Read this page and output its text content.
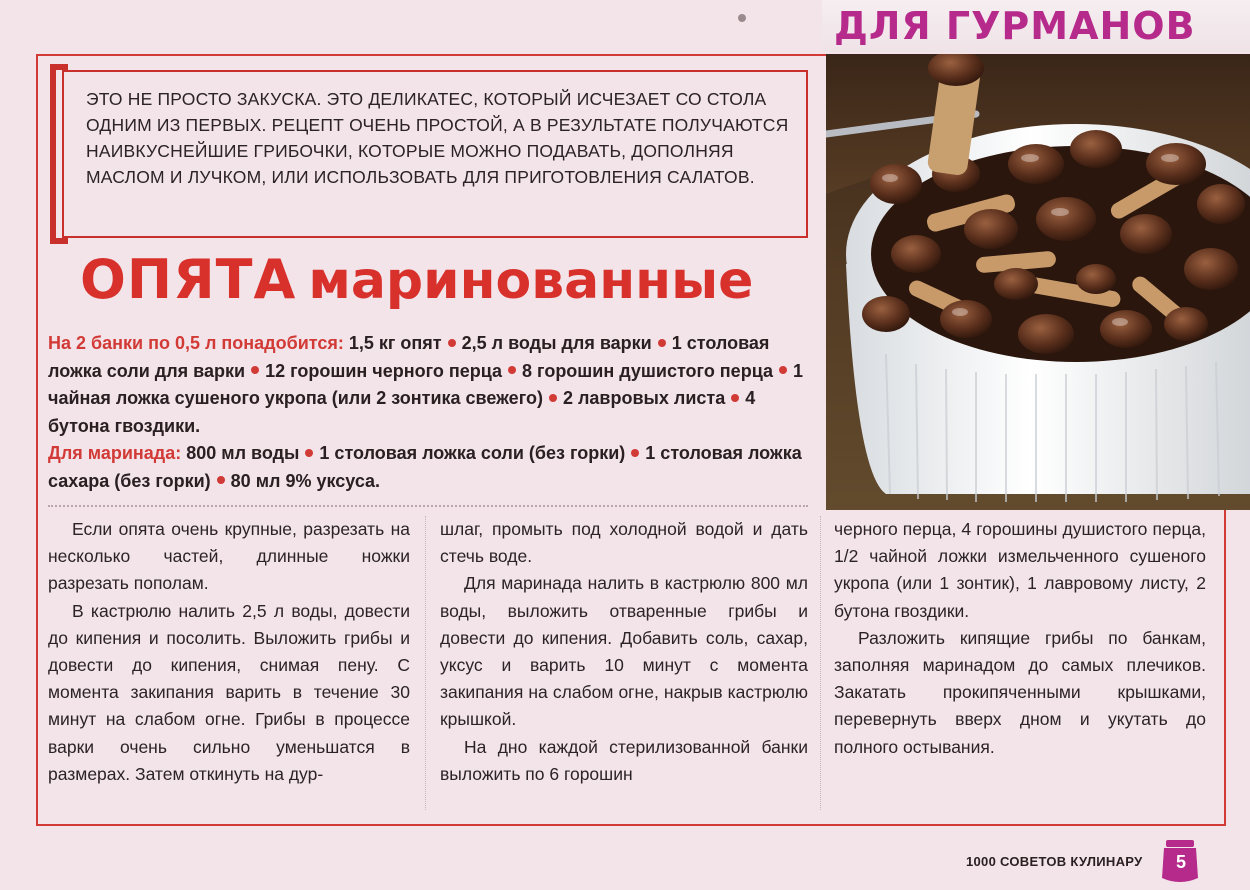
ДЛЯ ГУРМАНОВ
ЭТО НЕ ПРОСТО ЗАКУСКА. ЭТО ДЕЛИКАТЕС, КОТОРЫЙ ИСЧЕЗАЕТ СО СТОЛА ОДНИМ ИЗ ПЕРВЫХ. РЕЦЕПТ ОЧЕНЬ ПРОСТОЙ, А В РЕЗУЛЬТАТЕ ПОЛУЧАЮТСЯ НАИВКУСНЕЙШИЕ ГРИБОЧКИ, КОТОРЫЕ МОЖНО ПОДАВАТЬ, ДОПОЛНЯЯ МАСЛОМ И ЛУЧКОМ, ИЛИ ИСПОЛЬЗОВАТЬ ДЛЯ ПРИГОТОВЛЕНИЯ САЛАТОВ.
ОПЯТА маринованные
На 2 банки по 0,5 л понадобится: 1,5 кг опят 2,5 л воды для варки 1 столовая ложка соли для варки 12 горошин черного перца 8 горошин душистого перца 1 чайная ложка сушеного укропа (или 2 зонтика свежего) 2 лавровых листа 4 бутона гвоздики.
Для маринада: 800 мл воды 1 столовая ложка соли (без горки) 1 столовая ложка сахара (без горки) 80 мл 9% уксуса.

Если опята очень крупные, разрезать на несколько частей, длинные ножки разрезать пополам.

В кастрюлю налить 2,5 л воды, довести до кипения и посолить. Выложить грибы и довести до кипения, снимая пену. С момента закипания варить в течение 30 минут на слабом огне. Грибы в процессе варки очень сильно уменьшатся в размерах. Затем откинуть на дур-

шлаг, промыть под холодной водой и дать стечь воде.

Для маринада налить в кастрюлю 800 мл воды, выложить отваренные грибы и довести до кипения. Добавить соль, сахар, уксус и варить 10 минут с момента закипания на слабом огне, накрыв кастрюлю крышкой.

На дно каждой стерилизованной банки выложить по 6 горошин

черного перца, 4 горошины душистого перца, 1/2 чайной ложки измельченного сушеного укропа (или 1 зонтик), 1 лавровому листу, 2 бутона гвоздики.

Разложить кипящие грибы по банкам, заполняя маринадом до самых плечиков. Закатать прокипяченными крышками, перевернуть вверх дном и укутать до полного остывания.

1000 СОВЕТОВ КУЛИНАРУ 5
